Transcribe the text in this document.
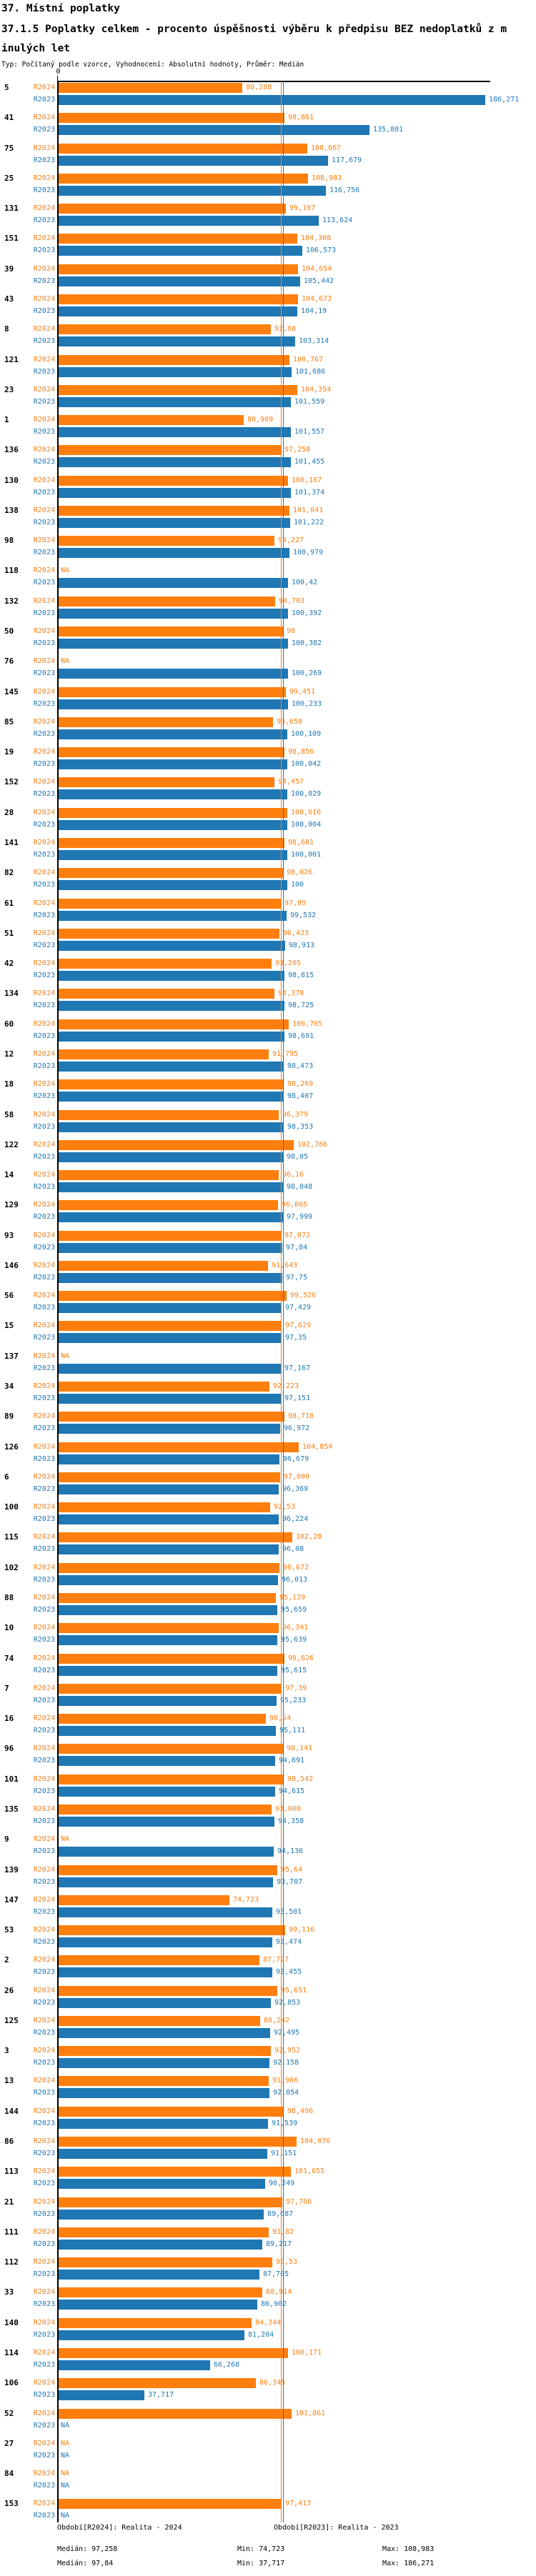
37. Místní poplatky
37.1.5 Poplatky celkem - procento úspěšnosti výběru k předpisu BEZ nedoplatků z m
inulých let
Typ: Počítaný podle vzorce, Vyhodnocení: Absolutní hodnoty, Průměr: Medián
0
5	R2024	80,288
R2023	186,271
41	R2024	98,861
R2023	135,801
75	R2024	108,667
R2023	117,679
25	R2024	108,983
R2023	116,756
131	R2024	99,197
R2023	113,624
151	R2024	104,308
R2023	106,573
39	R2024	104,654
R2023	105,442
43	R2024	104,673
R2023	104,19
8	R2024	92,68
R2023	103,314
121	R2024	100,767
R2023	101,686
23	R2024	104,354
R2023	101,559
1	R2024	80,909
R2023	101,557
136	R2024	97,258
R2023	101,455
130	R2024	100,167
R2023	101,374
138	R2024	101,041
R2023	101,222
98	R2024	94,227
R2023	100,979
118	R2024 NA
R2023	100,42
132	R2024	94,703
R2023	100,392
50	R2024	98
R2023	100,382
76	R2024 NA
R2023	100,269
145	R2024	99,451
R2023	100,233
85	R2024	93,658
R2023	100,109
19	R2024	98,856
R2023	100,042
152	R2024	94,457
R2023	100,029
28	R2024	100,016
R2023	100,004
141	R2024	98,681
R2023	100,001
82	R2024	98,026
R2023	100
61	R2024	97,09
R2023	99,532
51	R2024	96,423
R2023	98,913
42	R2024	93,205
R2023	98,815
134	R2024	94,378
R2023	98,725
60	R2024	100,705
R2023	98,691
12	R2024	91,795
R2023	98,473
18	R2024	98,269
R2023	98,407
58	R2024	96,379
R2023	98,353
122	R2024	102,766
R2023	98,05
14	R2024	96,16
R2023	98,048
129	R2024	96,065
R2023	97,999
93	R2024	97,072
R2023	97,84
146	R2024	91,643
R2023	97,75
56	R2024	99,526
R2023	97,429
15	R2024	97,629
R2023	97,35
137	R2024 NA
R2023	97,167
34	R2024	92,223
R2023	97,151
89	R2024	98,718
R2023	96,972
126	R2024	104,854
R2023	96,679
6	R2024	97,009
R2023	96,369
100	R2024	92,53
R2023	96,224
115	R2024	102,28
R2023	96,08
102	R2024	96,672
R2023	96,013
88	R2024	95,129
R2023	95,659
10	R2024	96,341
R2023	95,639
74	R2024	98,626
R2023	95,615
7	R2024	97,39
R2023	95,233
16	R2024	90,54
R2023	95,111
96	R2024	98,141
R2023	94,691
101	R2024	98,542
R2023	94,615
135	R2024	93,008
R2023	94,358
9	R2024 NA
R2023	94,136
139	R2024	95,64
R2023	93,707
147	R2024	74,723
R2023	93,501
53	R2024	99,116
R2023	93,474
2	R2024	87,727
R2023	93,455
26	R2024	95,651
R2023	92,853
125	R2024	88,242
R2023	92,495
3	R2024	92,952
R2023	92,158
13	R2024	91,966
R2023	92,054
144	R2024	98,496
R2023	91,539
86	R2024	104,076
R2023	91,151
113	R2024	101,655
R2023	90,249
21	R2024	97,766
R2023	89,687
111	R2024	91,82
R2023	89,217
112	R2024	93,53
R2023	87,705
33	R2024	88,914
R2023	86,902
140	R2024	84,344
R2023	81,204
114	R2024	100,171
R2023	66,268
106	R2024	86,345
R2023	37,717
52	R2024	101,861
R2023 NA
27	R2024 NA
R2023 NA
84	R2024 NA
R2023 NA
153	R2024	97,413
R2023 NA
Období[R2024]: Realita - 2024	Období[R2023]: Realita - 2023
Medián: 97,258	Min: 74,723	Max: 108,983
Medián: 97,84	Min: 37,717	Max: 186,271
